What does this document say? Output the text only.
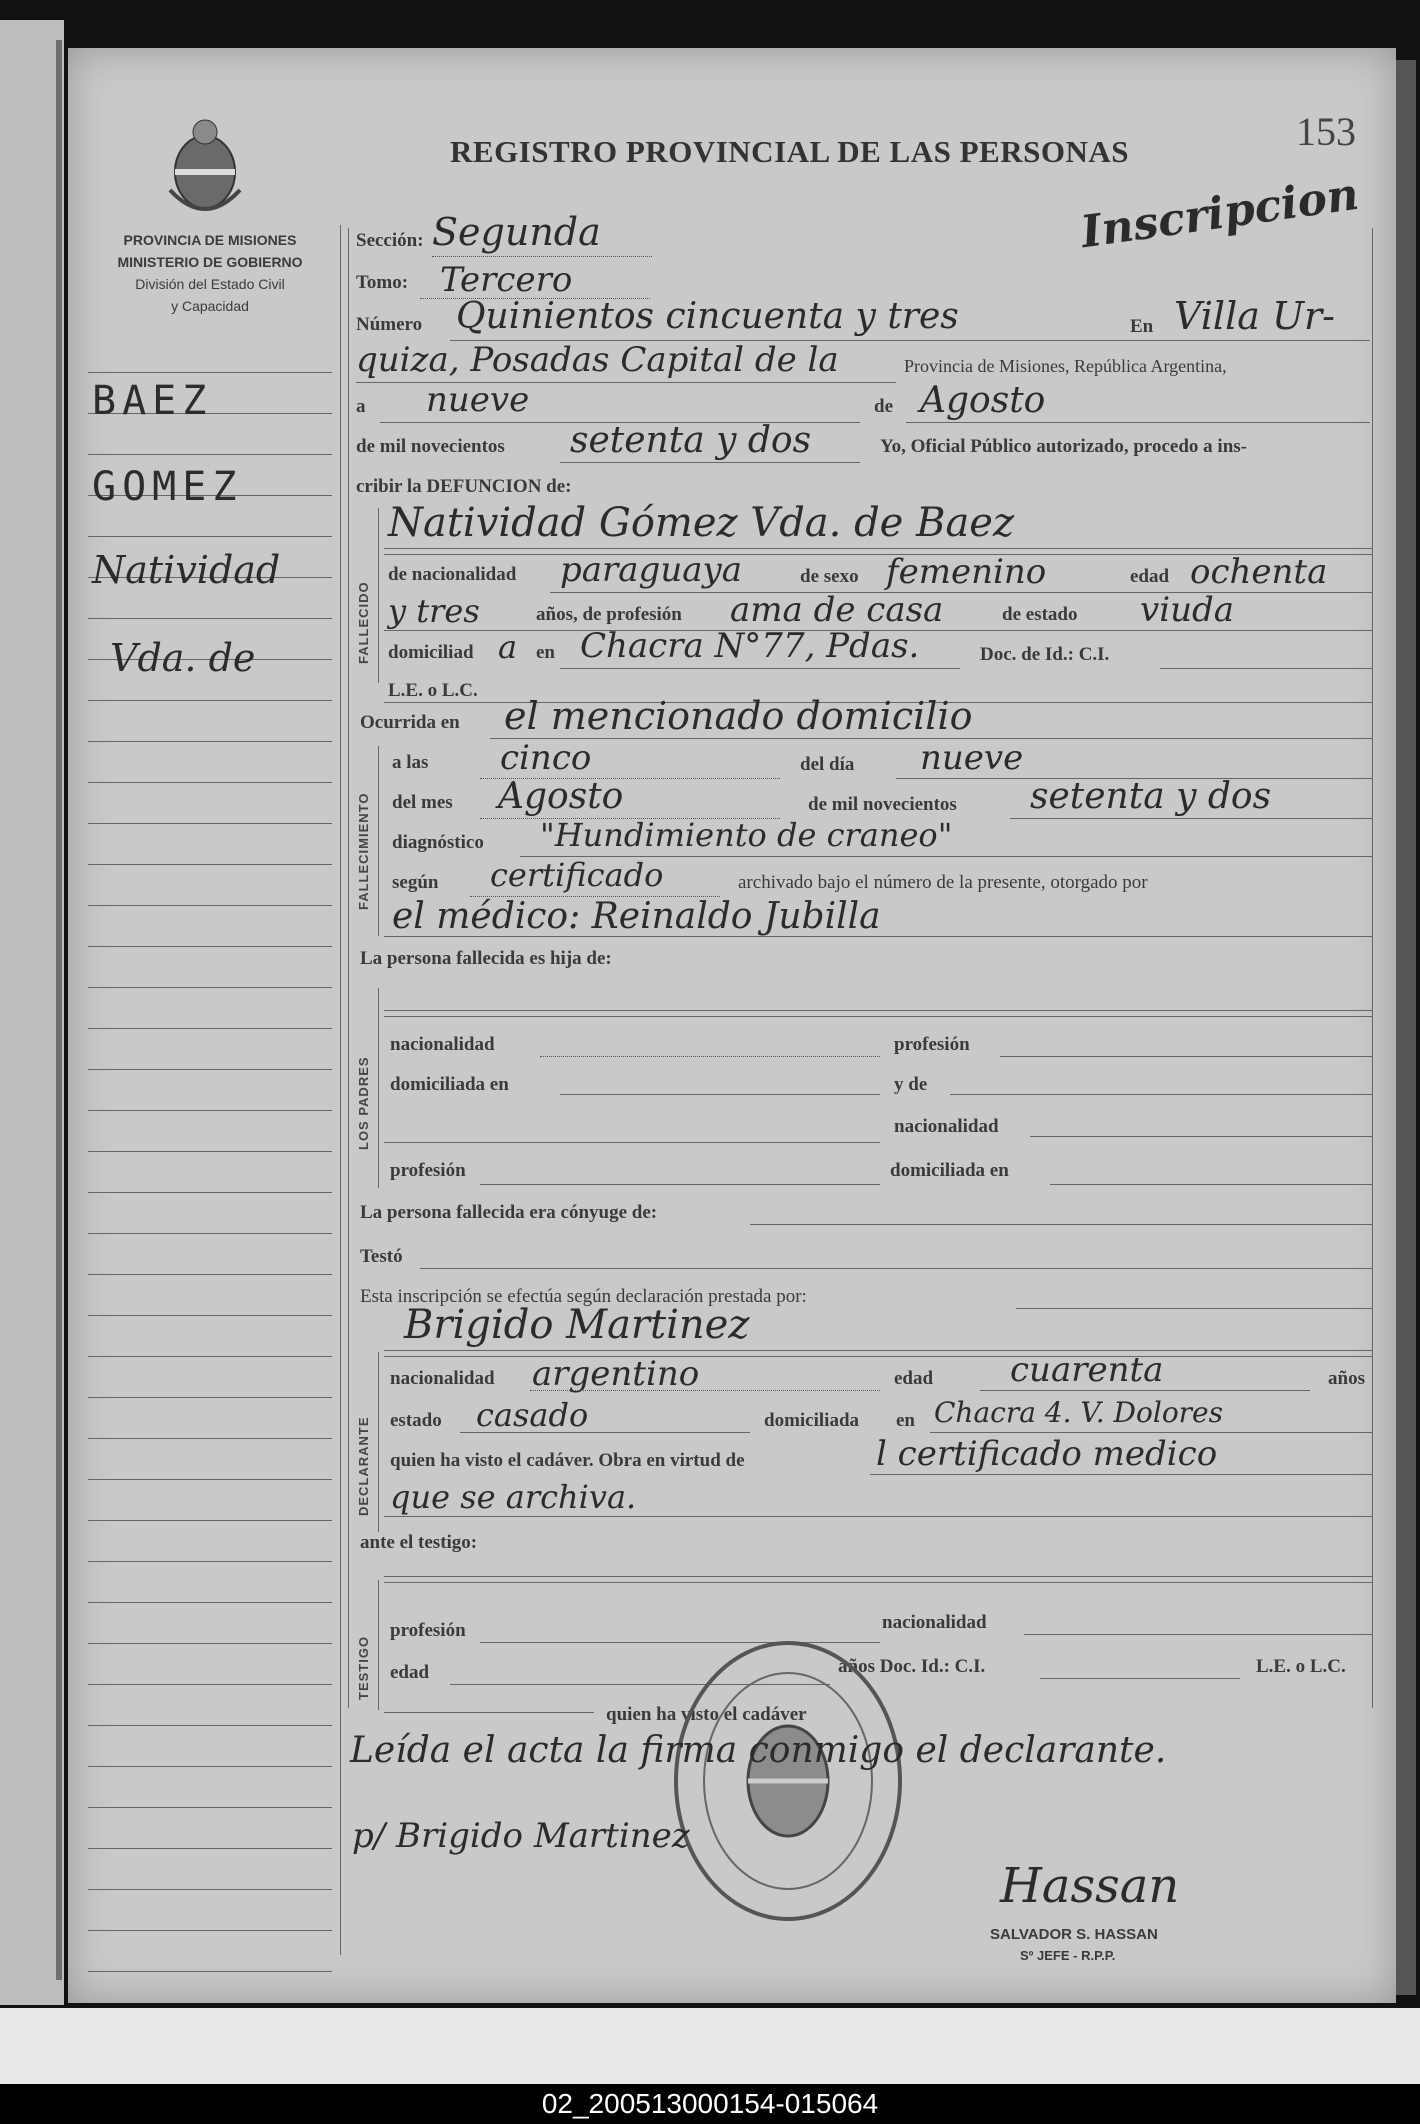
02_200513000154-015064
153
REGISTRO PROVINCIAL DE LAS PERSONAS
Inscripcion
PROVINCIA DE MISIONES
MINISTERIO DE GOBIERNO
División del Estado Civil
y Capacidad
BAEZ
GOMEZ
Natividad
Vda. de
Sección: Segunda
Tomo: Tercero
Número Quinientos cincuenta y tres	En Villa Ur-
quiza, Posadas Capital de la	Provincia de Misiones, República Argentina,
a nueve	de Agosto
de mil novecientos setenta y dos	Yo, Oficial Público autorizado, procedo a ins-
cribir la DEFUNCION de:
FALLECIDO
Natividad Gómez Vda. de Baez
de nacionalidad paraguaya	de sexo femenino	edad ochenta
y tres	años, de profesión ama de casa	de estado viuda
domiciliad a en Chacra N°77, Pdas.	Doc. de Id.: C.I.
L.E. o L.C.
Ocurrida en el mencionado domicilio
FALLECIMIENTO
a las cinco	del día nueve
del mes Agosto	de mil novecientos setenta y dos
diagnóstico "Hundimiento de craneo"
según certificado	archivado bajo el número de la presente, otorgado por
el médico: Reinaldo Jubilla
La persona fallecida es hija de:
LOS PADRES
nacionalidad	profesión
domiciliada en	y de
nacionalidad
profesión	domiciliada en
La persona fallecida era cónyuge de:
Testó
Esta inscripción se efectúa según declaración prestada por:
Brigido Martinez
DECLARANTE
nacionalidad argentino	edad cuarenta	años
estado casado	domiciliada en Chacra 4. V. Dolores
quien ha visto el cadáver. Obra en virtud de	l certificado medico
que se archiva.
ante el testigo:
TESTIGO
profesión	nacionalidad
edad	años Doc. Id.: C.I.	L.E. o L.C.
quien ha visto el cadáver
Leída el acta la firma conmigo el declarante.
p/ Brigido Martinez
Hassan
SALVADOR S. HASSAN
Sº JEFE - R.P.P.
